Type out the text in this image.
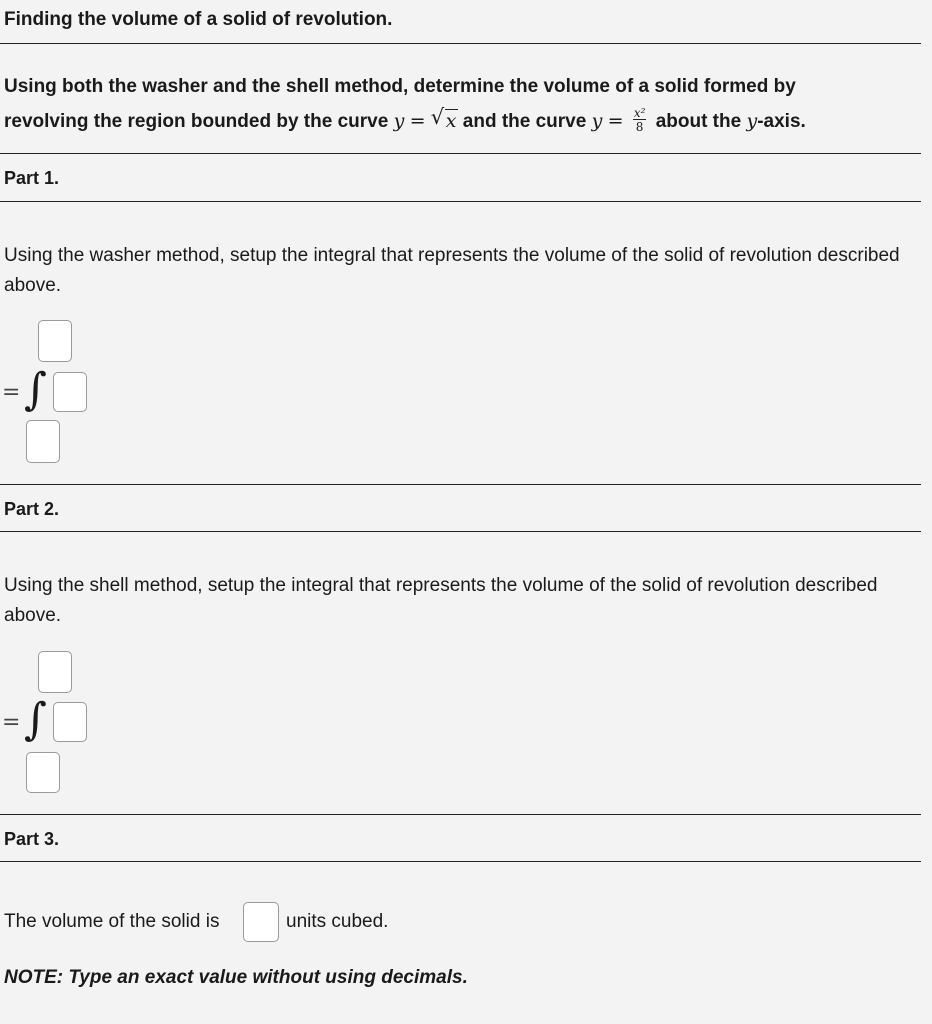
Finding the volume of a solid of revolution.
Using both the washer and the shell method, determine the volume of a solid formed by
revolving the region bounded by the curve y = √ x and the curve $y = \frac{\text{x²}}{8}$ about the y-axis.
Part 1.
Using the washer method, setup the integral that represents the volume of the solid of revolution described above.
= ∫
Part 2.
Using the shell method, setup the integral that represents the volume of the solid of revolution described above.
= ∫
Part 3.
The volume of the solid is	units cubed.
NOTE: Type an exact value without using decimals.
